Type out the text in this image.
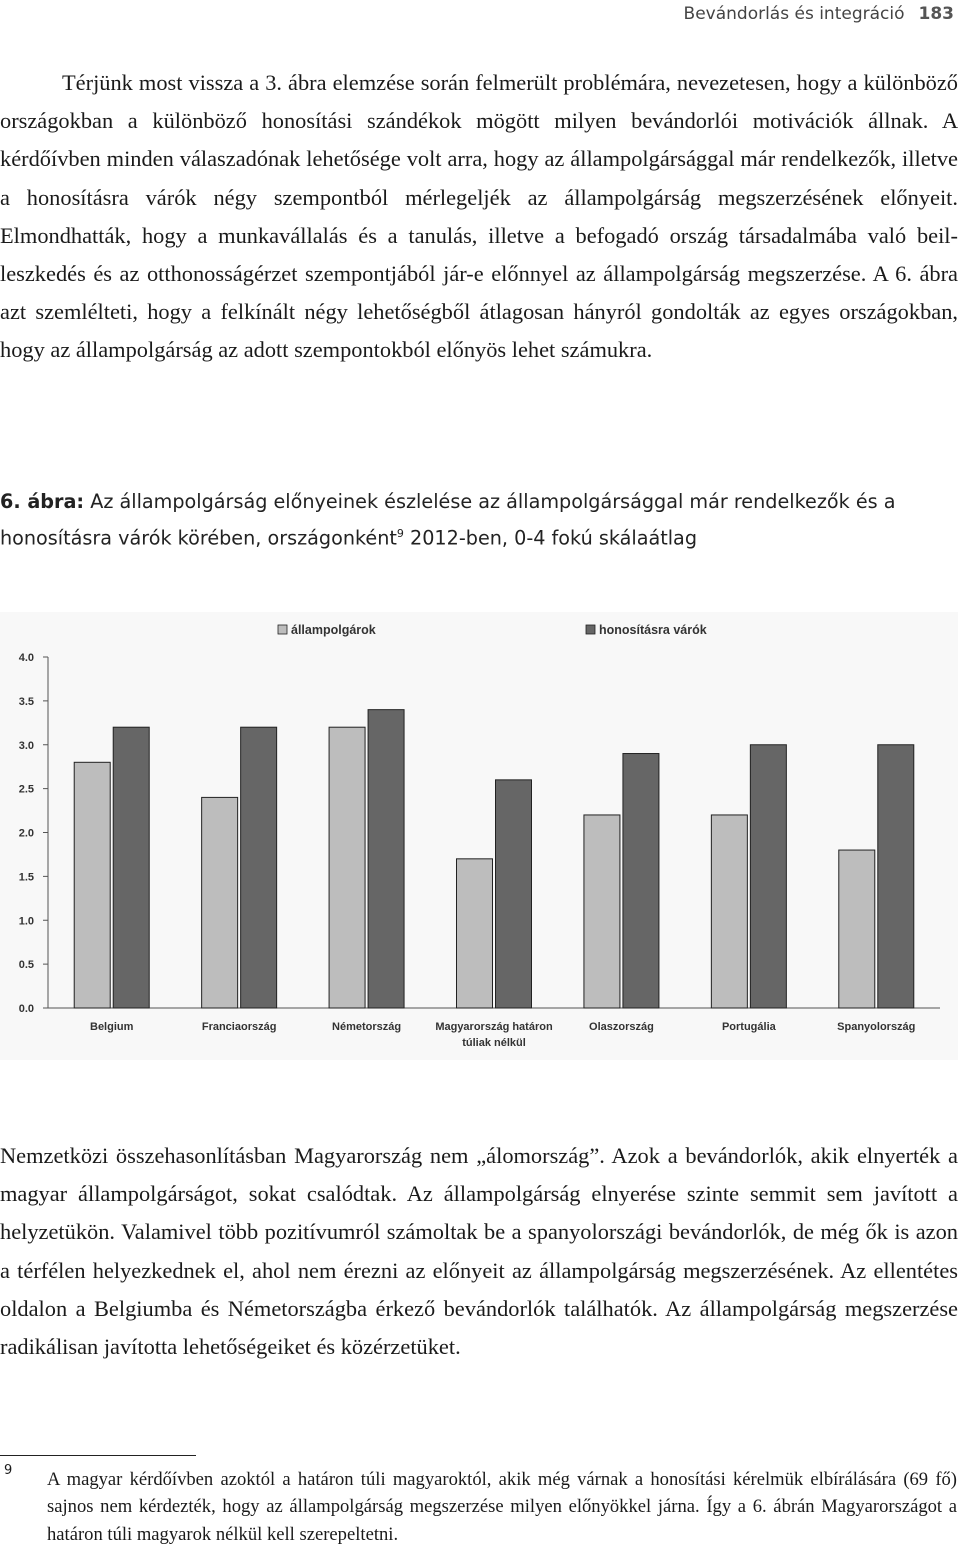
Bevándorlás és integráció 183

Térjünk most vissza a 3. ábra elemzése során felmerült problémára, nevezetesen, hogy a különböző országokban a különböző honosítási szándékok mögött milyen bevándorlói motivációk állnak. A kérdőívben minden válaszadónak lehetősége volt arra, hogy az állampolgársággal már rendelkezők, illetve a honosításra várók négy szempontból mérlegeljék az állampolgárság megszerzésének előnyeit. Elmondhatták, hogy a munkavállalás és a tanulás, illetve a befogadó ország társadalmába való beilleszkedés és az otthonosságérzet szempontjából jár-e előnnyel az állampolgárság megszerzése. A 6. ábra azt szemlélteti, hogy a felkínált négy lehetőségből átlagosan hányról gondolták az egyes országokban, hogy az állampolgárság az adott szempontokból előnyös lehet számukra.

6. ábra: Az állampolgárság előnyeinek észlelése az állampolgársággal már rendelkezők és a honosításra várók körében, országonként$^9$ 2012-ben, 0-4 fokú skálaátlag

0.0
0.5
1.0
1.5
2.0
2.5
3.0
3.5
4.0
Belgium	Franciaország	Németország	Magyarország határon
túliak nélkül
Olaszország	Portugália	Spanyolország
állampolgárok	honosításra várók

Nemzetközi összehasonlításban Magyarország nem „álomország”. Azok a bevándorlók, akik elnyerték a magyar állampolgárságot, sokat csalódtak. Az állampolgárság elnyerése szinte semmit sem javított a helyzetükön. Valamivel több pozitívumról számoltak be a spanyolországi bevándorlók, de még ők is azon a térfélen helyezkednek el, ahol nem érezni az előnyeit az állampolgárság megszerzésének. Az ellentétes oldalon a Belgiumba és Németországba érkező bevándorlók találhatók. Az állampolgárság megszerzése radikálisan javította lehetőségeiket és közérzetüket.

9 A magyar kérdőívben azoktól a határon túli magyaroktól, akik még várnak a honosítási kérelmük elbírálására (69 fő) sajnos nem kérdezték, hogy az állampolgárság megszerzése milyen előnyökkel járna. Így a 6. ábrán Magyarországot a határon túli magyarok nélkül kell szerepeltetni.
